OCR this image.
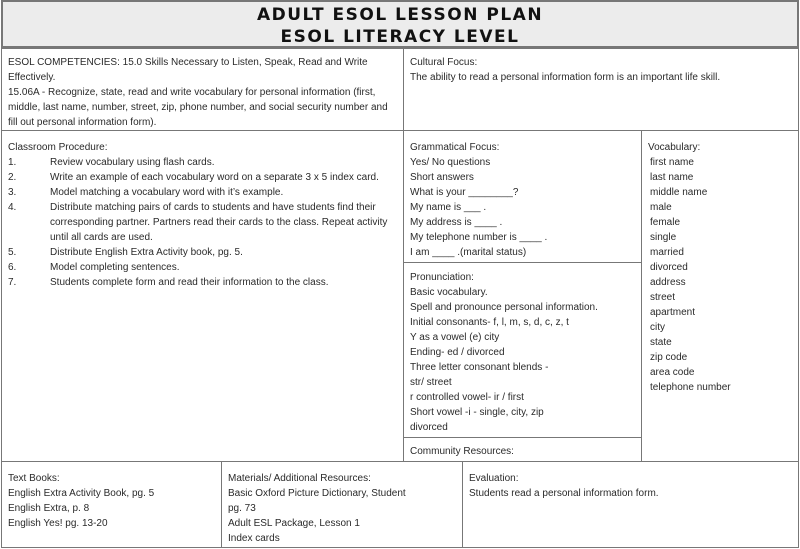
ADULT ESOL LESSON PLAN
ESOL LITERACY LEVEL

ESOL COMPETENCIES: 15.0 Skills Necessary to Listen, Speak, Read and Write Effectively.

15.06A - Recognize, state, read and write vocabulary for personal information (first, middle, last name, number, street, zip, phone number, and social security number and fill out personal information form).

Cultural Focus:

The ability to read a personal information form is an important life skill.

Classroom Procedure:

1.	Review vocabulary using flash cards.
2.	Write an example of each vocabulary word on a separate 3 x 5 index card.
3.	Model matching a vocabulary word with it’s example.
4.	Distribute matching pairs of cards to students and have students find their corresponding partner. Partners read their cards to the class. Repeat activity until all cards are used.
5.	Distribute English Extra Activity book, pg. 5.
6.	Model completing sentences.
7.	Students complete form and read their information to the class.

Grammatical Focus:

Yes/ No questions

Short answers

What is your ________?

My name is ___ .

My address is ____ .

My telephone number is ____ .

I am ____ .(marital status)

Pronunciation:

Basic vocabulary.

Spell and pronounce personal information.

Initial consonants- f, l, m, s, d, c, z, t

Y as a vowel (e) city

Ending- ed / divorced

Three letter consonant blends -

str/ street

r controlled vowel- ir / first

Short vowel -i - single, city, zip

divorced

Community Resources:

Vocabulary:

first name
last name
middle name
male
female
single
married
divorced
address
street
apartment
city
state
zip code
area code
telephone number

Text Books:

English Extra Activity Book, pg. 5

English Extra, p. 8

English Yes! pg. 13-20

Materials/ Additional Resources:

Basic Oxford Picture Dictionary, Student

pg. 73

Adult ESL Package, Lesson 1

Index cards

Evaluation:

Students read a personal information form.
